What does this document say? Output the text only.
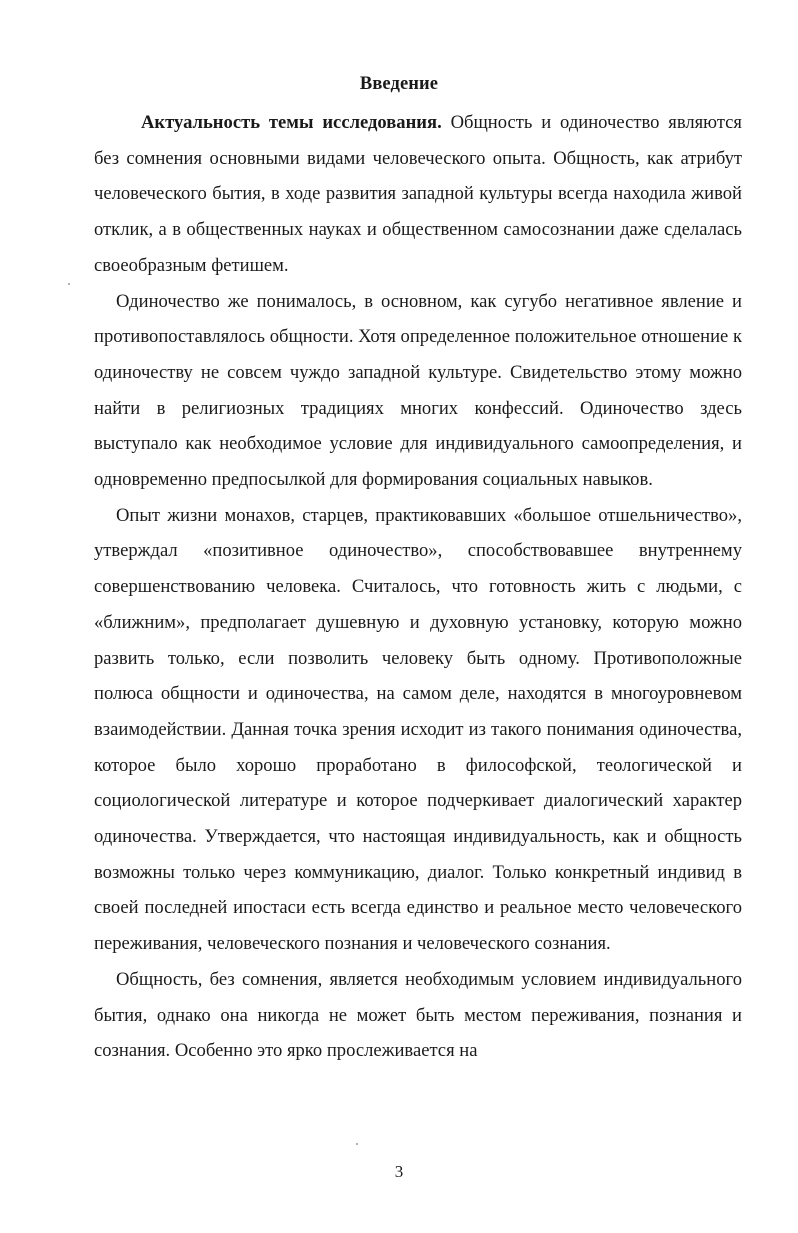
Введение

Актуальность темы исследования. Общность и одиночество являются без сомнения основными видами человеческого опыта. Общность, как атрибут человеческого бытия, в ходе развития западной культуры всегда находила живой отклик, а в общественных науках и общественном самосознании даже сделалась своеобразным фетишем.

Одиночество же понималось, в основном, как сугубо негативное явление и противопоставлялось общности. Хотя определенное положительное отношение к одиночеству не совсем чуждо западной культуре. Свидетельство этому можно найти в религиозных традициях многих конфессий. Одиночество здесь выступало как необходимое условие для индивидуального самоопределения, и одновременно предпосылкой для формирования социальных навыков.

Опыт жизни монахов, старцев, практиковавших «большое отшельничество», утверждал «позитивное одиночество», способствовавшее внутреннему совершенствованию человека. Считалось, что готовность жить с людьми, с «ближним», предполагает душевную и духовную установку, которую можно развить только, если позволить человеку быть одному. Противоположные полюса общности и одиночества, на самом деле, находятся в многоуровневом взаимодействии. Данная точка зрения исходит из такого понимания одиночества, которое было хорошо проработано в философской, теологической и социологической литературе и которое подчеркивает диалогический характер одиночества. Утверждается, что настоящая индивидуальность, как и общность возможны только через коммуникацию, диалог. Только конкретный индивид в своей последней ипостаси есть всегда единство и реальное место человеческого переживания, человеческого познания и человеческого сознания.

Общность, без сомнения, является необходимым условием индивидуального бытия, однако она никогда не может быть местом переживания, познания и сознания. Особенно это ярко прослеживается на

3
